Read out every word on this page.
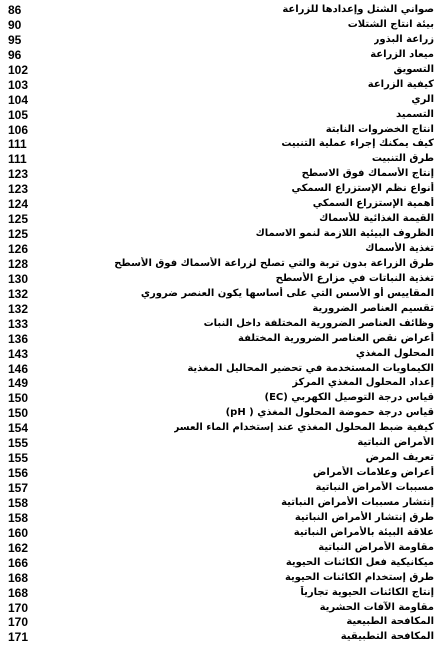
86	صواني الشتل وإعدادها للزراعة
90	بيئة انتاج الشتلات
95	زراعة البذور
96	ميعاد الزراعة
102	التسويق
103	كيفية الزراعة
104	الري
105	التسميد
106	انتاج الخضروات النابتة
111	كيف يمكنك إجراء عملية التنبيت
111	طرق التنبيت
123	إنتاج الأسماك فوق الاسطح
123	أنواع نظم الإستزراع السمكي
124	أهمية الإستزراع السمكي
125	القيمة الغذائية للأسماك
125	الظروف البيئية اللازمة لنمو الاسماك
126	تغذية الأسماك
128	طرق الزراعة بدون تربة والتي تصلح لزراعة الأسماك فوق الأسطح
130	تغذية النباتات في مزارع الأسطح
132	المقاييس أو الأسس التي على أساسها يكون العنصر ضروري
132	تقسيم العناصر الضرورية
133	وظائف العناصر الضرورية المختلفة داخل النبات
136	أعراض نقص العناصر الضرورية المختلفة
143	المحلول المغذي
146	الكيماويات المستخدمة في تحضير المحاليل المغذية
149	إعداد المحلول المغذي المركز
150	قياس درجة التوصيل الكهربي (EC)
150	قياس درجة حموضة المحلول المغذي ( pH)
154	كيفية ضبط المحلول المغذي عند إستخدام الماء العسر
155	الأمراض النباتية
155	تعريف المرض
156	أعراض وعلامات الأمراض
157	مسببات الأمراض النباتية
158	إنتشار مسببات الأمراض النباتية
158	طرق إنتشار الأمراض النباتية
160	علاقة البيئة بالأمراض النباتية
162	مقاومة الأمراض النباتية
166	ميكانيكية فعل الكائنات الحيوية
168	طرق إستخدام الكائنات الحيوية
168	إنتاج الكائنات الحيوية تجارياً
170	مقاومة الآفات الحشرية
170	المكافحة الطبيعية
171	المكافحة التطبيقية
